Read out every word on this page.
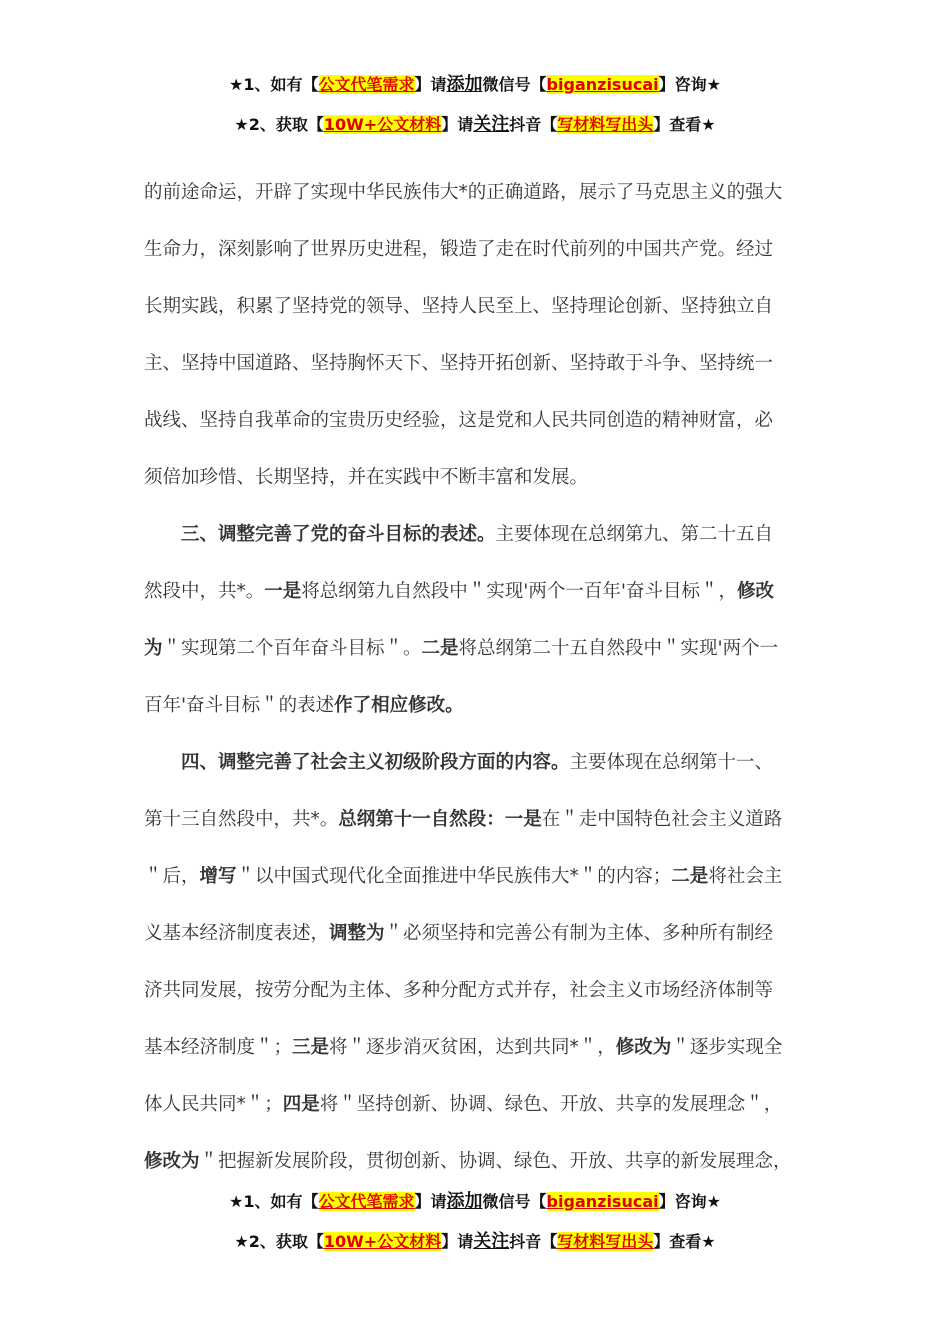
★1、如有【公文代笔需求】请添加微信号【biganzisucai】咨询★
★2、获取【10W+公文材料】请关注抖音【写材料写出头】查看★

的前途命运，开辟了实现中华民族伟大*的正确道路，展示了马克思主义的强大
生命力，深刻影响了世界历史进程，锻造了走在时代前列的中国共产党。经过
长期实践，积累了坚持党的领导、坚持人民至上、坚持理论创新、坚持独立自
主、坚持中国道路、坚持胸怀天下、坚持开拓创新、坚持敢于斗争、坚持统一
战线、坚持自我革命的宝贵历史经验，这是党和人民共同创造的精神财富，必
须倍加珍惜、长期坚持，并在实践中不断丰富和发展。

三、调整完善了党的奋斗目标的表述。主要体现在总纲第九、第二十五自
然段中，共*。一是将总纲第九自然段中＂实现'两个一百年'奋斗目标＂，修改
为＂实现第二个百年奋斗目标＂。二是将总纲第二十五自然段中＂实现'两个一
百年'奋斗目标＂的表述作了相应修改。

四、调整完善了社会主义初级阶段方面的内容。主要体现在总纲第十一、
第十三自然段中，共*。总纲第十一自然段：一是在＂走中国特色社会主义道路
＂后，增写＂以中国式现代化全面推进中华民族伟大*＂的内容；二是将社会主
义基本经济制度表述，调整为＂必须坚持和完善公有制为主体、多种所有制经
济共同发展，按劳分配为主体、多种分配方式并存，社会主义市场经济体制等
基本经济制度＂；三是将＂逐步消灭贫困，达到共同*＂，修改为＂逐步实现全
体人民共同*＂；四是将＂坚持创新、协调、绿色、开放、共享的发展理念＂，
修改为＂把握新发展阶段，贯彻创新、协调、绿色、开放、共享的新发展理念，

★1、如有【公文代笔需求】请添加微信号【biganzisucai】咨询★
★2、获取【10W+公文材料】请关注抖音【写材料写出头】查看★
